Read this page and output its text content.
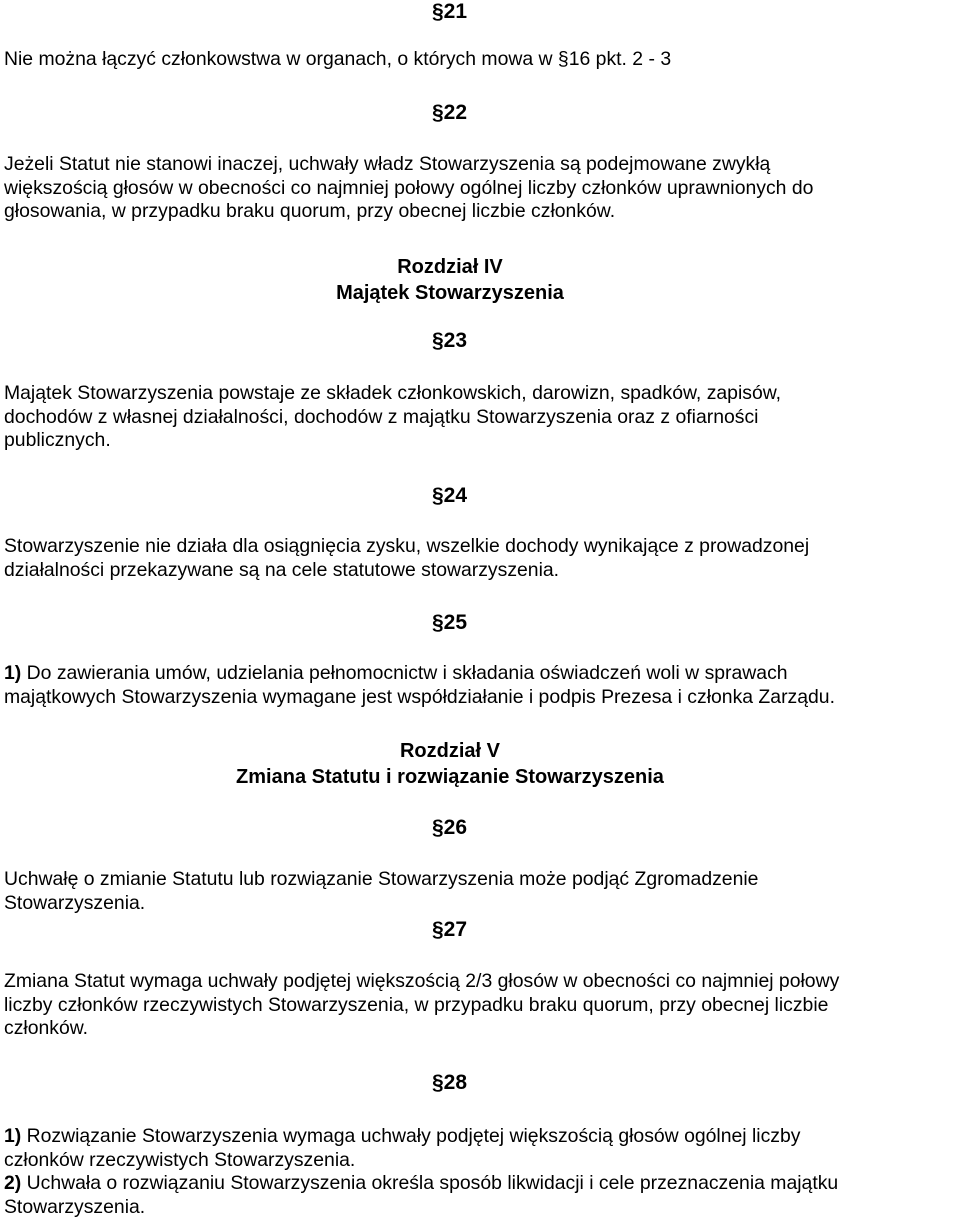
§21
Nie można łączyć członkowstwa w organach, o których mowa w §16 pkt. 2 - 3
§22
Jeżeli Statut nie stanowi inaczej, uchwały władz Stowarzyszenia są podejmowane zwykłą
większością głosów w obecności co najmniej połowy ogólnej liczby członków uprawnionych do
głosowania, w przypadku braku quorum, przy obecnej liczbie członków.
Rozdział IV
Majątek Stowarzyszenia
§23
Majątek Stowarzyszenia powstaje ze składek członkowskich, darowizn, spadków, zapisów,
dochodów z własnej działalności, dochodów z majątku Stowarzyszenia oraz z ofiarności
publicznych.
§24
Stowarzyszenie nie działa dla osiągnięcia zysku, wszelkie dochody wynikające z prowadzonej
działalności przekazywane są na cele statutowe stowarzyszenia.
§25
1) Do zawierania umów, udzielania pełnomocnictw i składania oświadczeń woli w sprawach
majątkowych Stowarzyszenia wymagane jest współdziałanie i podpis Prezesa i członka Zarządu.
Rozdział V
Zmiana Statutu i rozwiązanie Stowarzyszenia
§26
Uchwałę o zmianie Statutu lub rozwiązanie Stowarzyszenia może podjąć Zgromadzenie
Stowarzyszenia.
§27
Zmiana Statut wymaga uchwały podjętej większością 2/3 głosów w obecności co najmniej połowy
liczby członków rzeczywistych Stowarzyszenia, w przypadku braku quorum, przy obecnej liczbie
członków.
§28
1) Rozwiązanie Stowarzyszenia wymaga uchwały podjętej większością głosów ogólnej liczby
członków rzeczywistych Stowarzyszenia.
2) Uchwała o rozwiązaniu Stowarzyszenia określa sposób likwidacji i cele przeznaczenia majątku
Stowarzyszenia.
